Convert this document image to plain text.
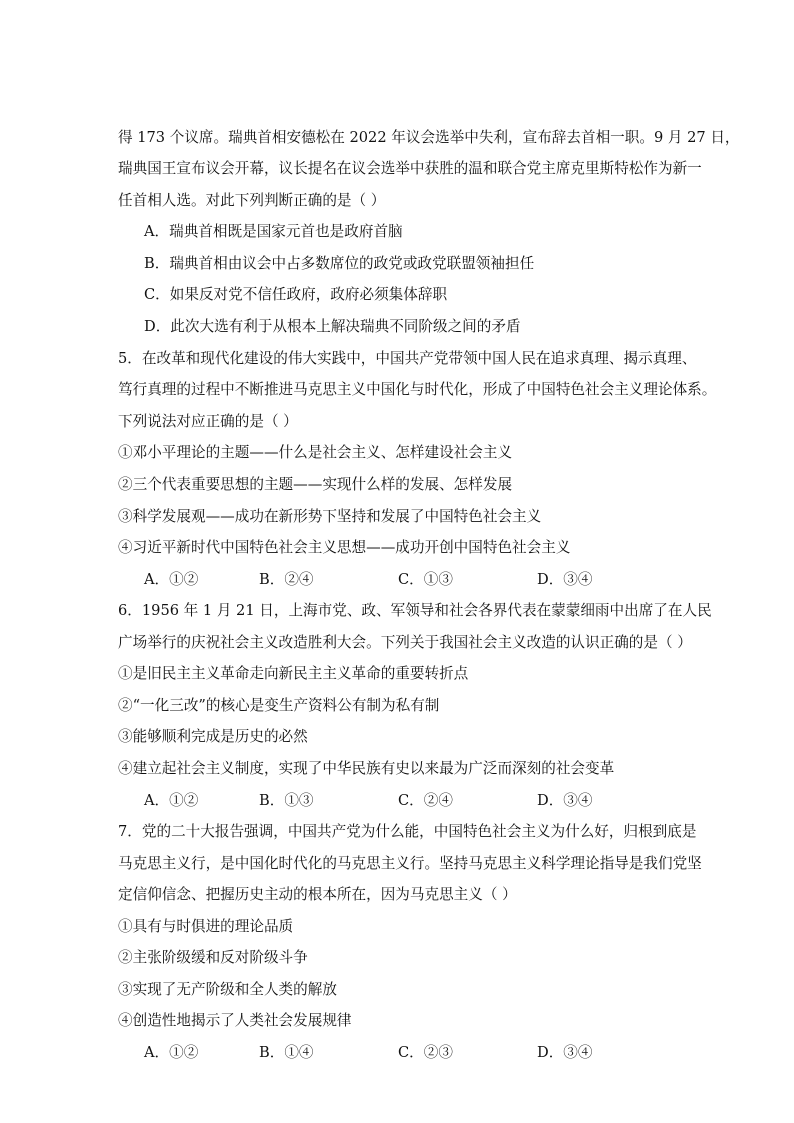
得 173 个议席。瑞典首相安德松在 2022 年议会选举中失利，宣布辞去首相一职。9 月 27 日，
瑞典国王宣布议会开幕，议长提名在议会选举中获胜的温和联合党主席克里斯特松作为新一
任首相人选。对此下列判断正确的是（ ）
A．瑞典首相既是国家元首也是政府首脑
B．瑞典首相由议会中占多数席位的政党或政党联盟领袖担任
C．如果反对党不信任政府，政府必须集体辞职
D．此次大选有利于从根本上解决瑞典不同阶级之间的矛盾
5．在改革和现代化建设的伟大实践中，中国共产党带领中国人民在追求真理、揭示真理、
笃行真理的过程中不断推进马克思主义中国化与时代化，形成了中国特色社会主义理论体系。
下列说法对应正确的是（ ）
①邓小平理论的主题——什么是社会主义、怎样建设社会主义
②三个代表重要思想的主题——实现什么样的发展、怎样发展
③科学发展观——成功在新形势下坚持和发展了中国特色社会主义
④习近平新时代中国特色社会主义思想——成功开创中国特色社会主义
A．①②	B．②④	C．①③	D．③④
6．1956 年 1 月 21 日，上海市党、政、军领导和社会各界代表在蒙蒙细雨中出席了在人民
广场举行的庆祝社会主义改造胜利大会。下列关于我国社会主义改造的认识正确的是（ ）
①是旧民主主义革命走向新民主主义革命的重要转折点
②“一化三改”的核心是变生产资料公有制为私有制
③能够顺利完成是历史的必然
④建立起社会主义制度，实现了中华民族有史以来最为广泛而深刻的社会变革
A．①②	B．①③	C．②④	D．③④
7．党的二十大报告强调，中国共产党为什么能，中国特色社会主义为什么好，归根到底是
马克思主义行，是中国化时代化的马克思主义行。坚持马克思主义科学理论指导是我们党坚
定信仰信念、把握历史主动的根本所在，因为马克思主义（ ）
①具有与时俱进的理论品质
②主张阶级缓和反对阶级斗争
③实现了无产阶级和全人类的解放
④创造性地揭示了人类社会发展规律
A．①②	B．①④	C．②③	D．③④
